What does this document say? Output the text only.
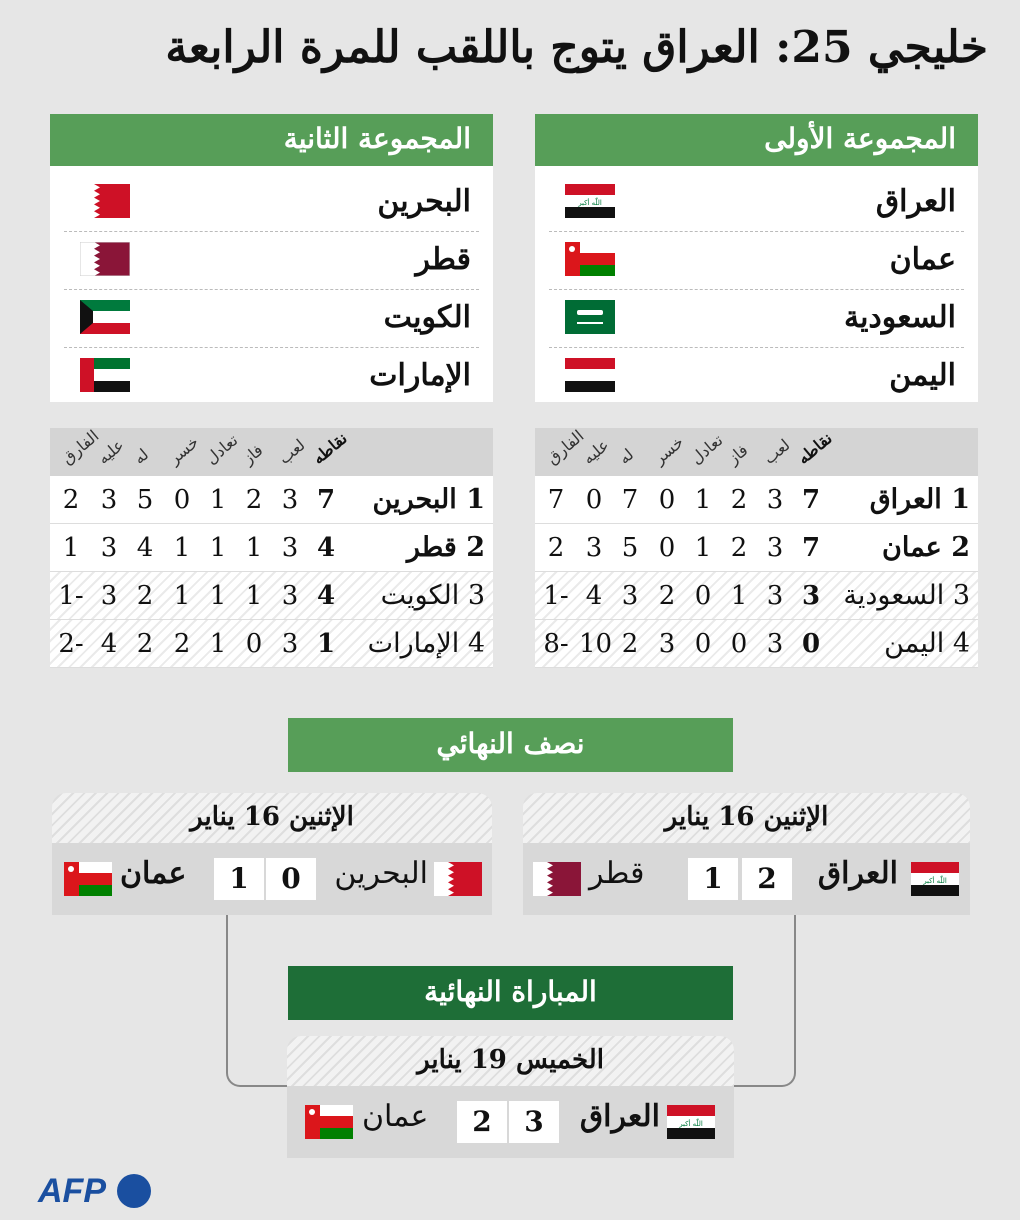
خليجي 25: العراق يتوج باللقب للمرة الرابعة
المجموعة الأولى
العراق
اللّٰه أكبر
عمان
السعودية
اليمن
المجموعة الثانية
البحرين
قطر
الكويت
الإمارات
نقاطه
لعب
فاز
تعادل
خسر
له
عليه
الفارق
1 العراق
7
3
2
1
0
7
0
7
2 عمان
7
3
2
1
0
5
3
2
3 السعودية
3
3
1
0
2
3
4
1-
4 اليمن
0
3
0
0
3
2
10
8-
نقاطه
لعب
فاز
تعادل
خسر
له
عليه
الفارق
1 البحرين
7
3
2
1
0
5
3
2
2 قطر
4
3
1
1
1
4
3
1
3 الكويت
4
3
1
1
1
2
3
1-
4 الإمارات
1
3
0
1
2
2
4
2-
نصف النهائي
الإثنين 16 يناير
اللّٰه أكبر
العراق
2
1
قطر
الإثنين 16 يناير
البحرين
0
1
عمان
المباراة النهائية
الخميس 19 يناير
اللّٰه أكبر
العراق
3
2
عمان
AFP
